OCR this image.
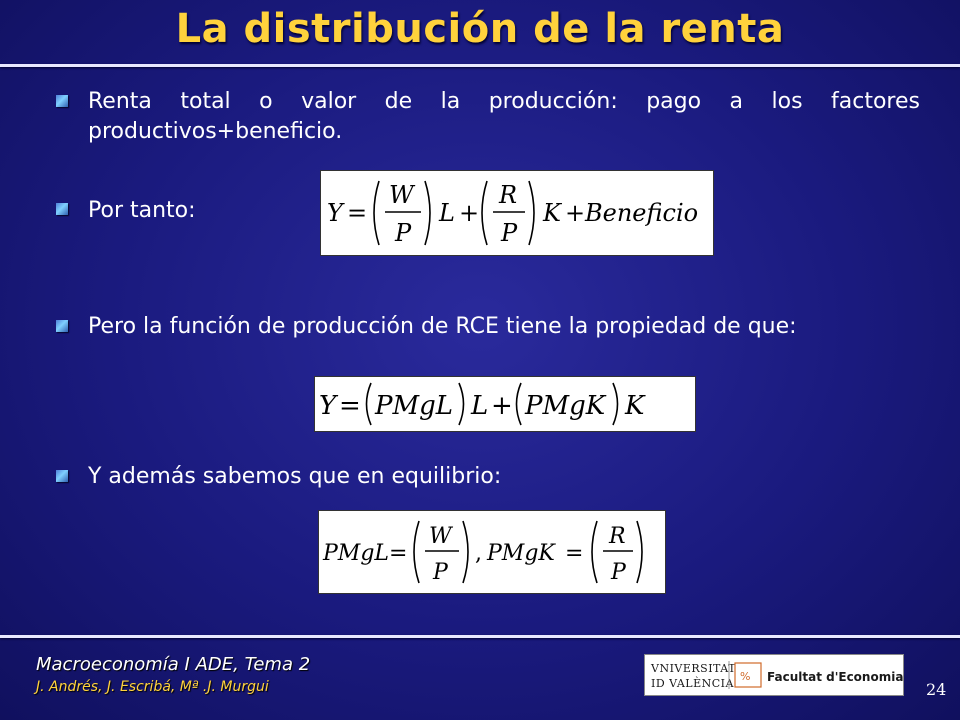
La distribución de la renta
Renta total o valor de la producción: pago a los factores productivos+beneficio.
Por tanto:	Y =
W
P
L +
R
P
K + Beneficio
Pero la función de producción de RCE tiene la propiedad de que:
Y = PMgL L + PMgK K
Y además sabemos que en equilibrio:
PMgL =
W
P
, PMgK =
R
P
Macroeconomía I ADE, Tema 2
J. Andrés, J. Escribá, Mª .J. Murgui
VNIVERSITAT
ID VALÈNCIA
% Facultat d'Economia
24
